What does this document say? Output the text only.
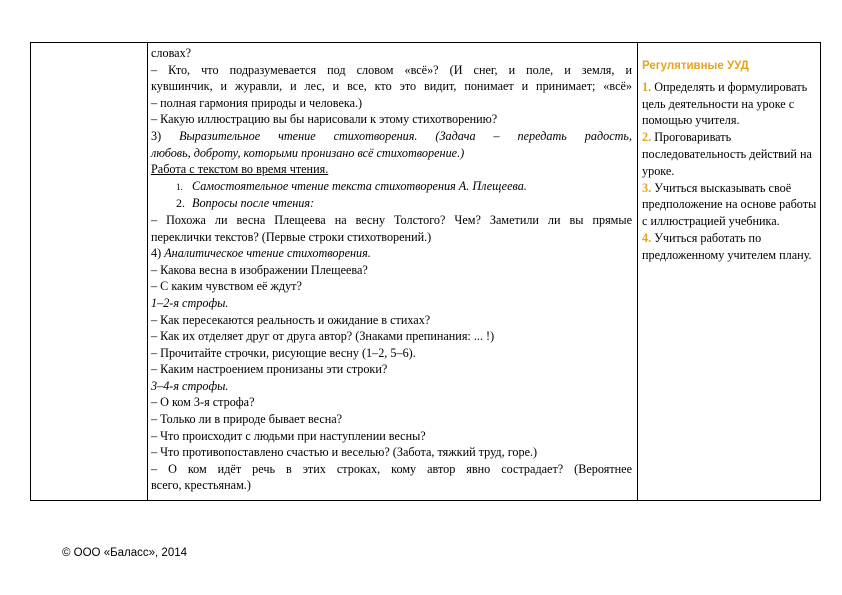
словах?

– Кто, что подразумевается под словом «всё»? (И снег, и поле, и земля, и

кувшинчик, и журавли, и лес, и все, кто это видит, понимает и принимает; «всё»

– полная гармония природы и человека.)

– Какую иллюстрацию вы бы нарисовали к этому стихотворению?

3) Выразительное чтение стихотворения. (Задача – передать радость,

любовь, доброту, которыми пронизано всё стихотворение.)

Работа с текстом во время чтения.

1. Самостоятельное чтение текста стихотворения А. Плещеева.

2. Вопросы после чтения:

– Похожа ли весна Плещеева на весну Толстого? Чем? Заметили ли вы прямые

переклички текстов? (Первые строки стихотворений.)

4) Аналитическое чтение стихотворения.

– Какова весна в изображении Плещеева?

– С каким чувством её ждут?

1–2-я строфы.

– Как пересекаются реальность и ожидание в стихах?

– Как их отделяет друг от друга автор? (Знаками препинания: ... !)

– Прочитайте строчки, рисующие весну (1–2, 5–6).

– Каким настроением пронизаны эти строки?

3–4-я строфы.

– О ком 3-я строфа?

– Только ли в природе бывает весна?

– Что происходит с людьми при наступлении весны?

– Что противопоставлено счастью и веселью? (Забота, тяжкий труд, горе.)

– О ком идёт речь в этих строках, кому автор явно сострадает? (Вероятнее

всего, крестьянам.)

Регулятивные УУД

1. Определять и формулировать цель деятельности на уроке с помощью учителя.

2. Проговаривать последовательность действий на уроке.

3. Учиться высказывать своё предположение на основе работы с иллюстрацией учебника.

4. Учиться работать по предложенному учителем плану.

© ООО «Баласс», 2014
